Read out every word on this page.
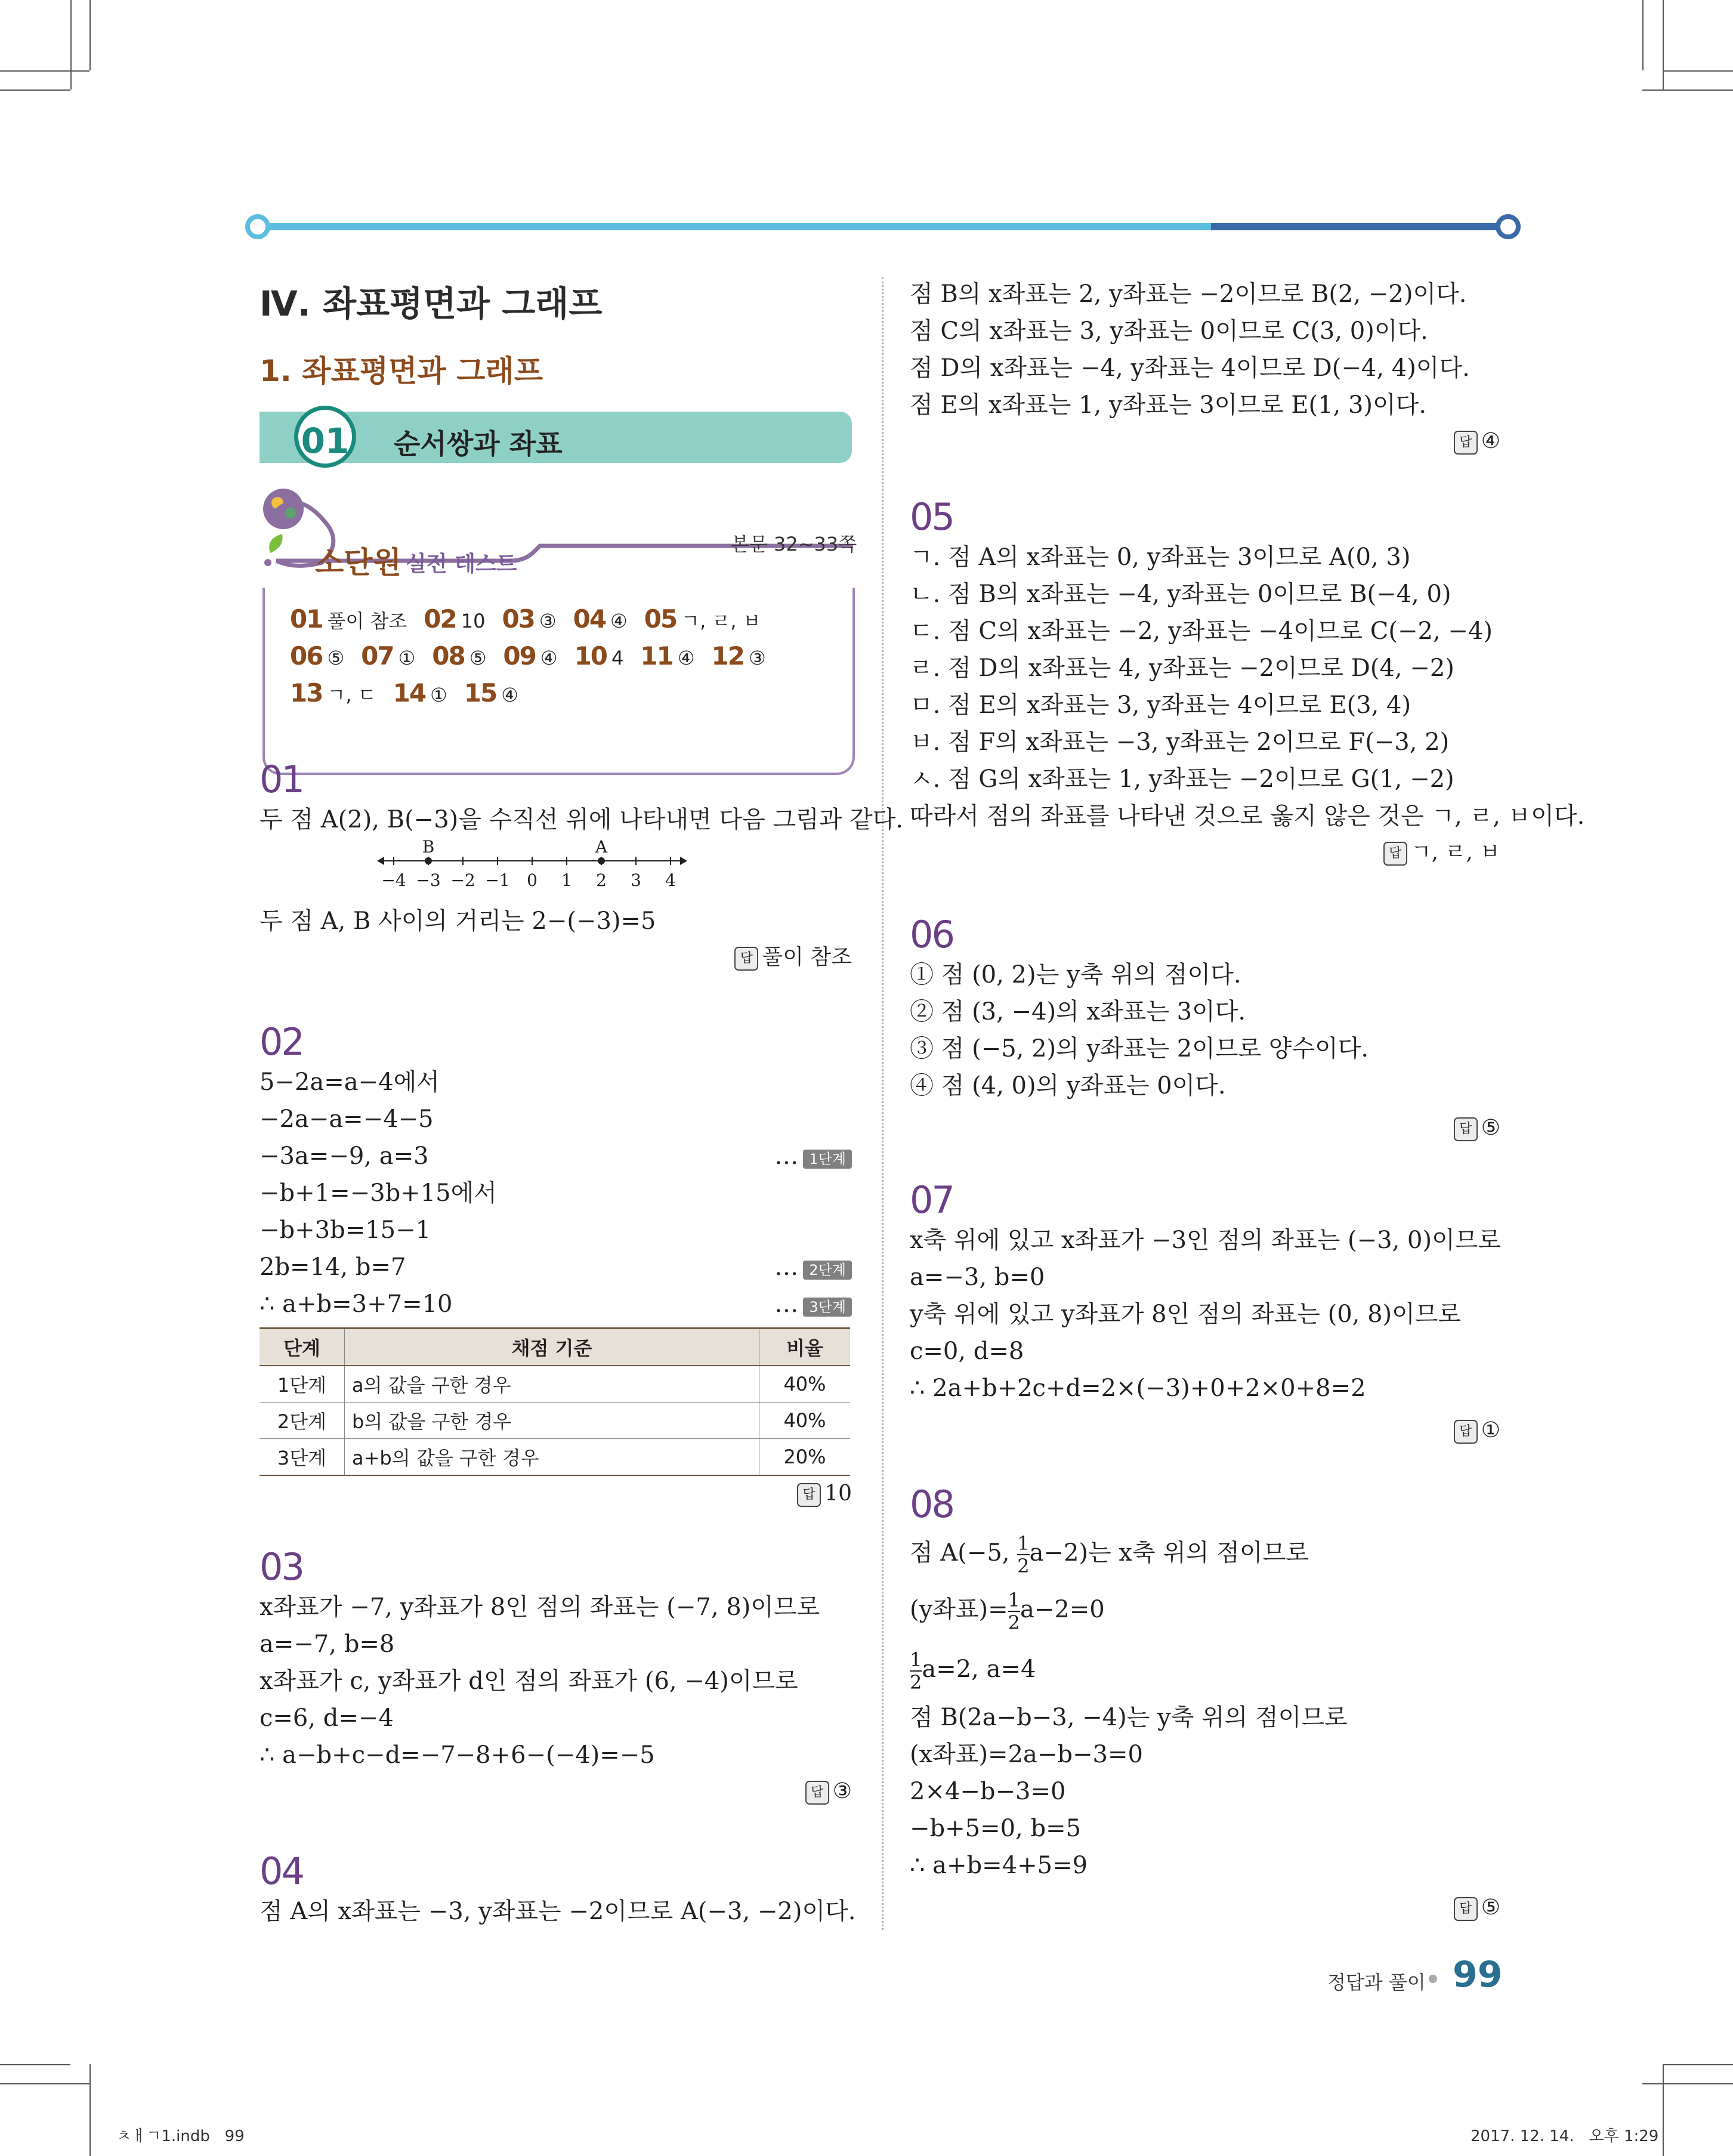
Ⅳ. 좌표평면과 그래프
1. 좌표평면과 그래프
01 순서쌍과 좌표
소단원 실전 테스트
본문 32~33쪽
01 풀이 참조 02 10 03 ③ 04 ④ 05 ㄱ, ㄹ, ㅂ
06 ⑤ 07 ① 08 ⑤ 09 ④ 10 4 11 ④ 12 ③
13 ㄱ, ㄷ 14 ① 15 ④
01
두 점 A(2), B(−3)을 수직선 위에 나타내면 다음 그림과 같다.
−4 −3 −2 −1 0 1 2 3 4
B	A
두 점 A, B 사이의 거리는 2−(−3)=5
답 풀이 참조
02
5−2a=a−4에서
−2a−a=−4−5
−3a=−9, a=3	… 1단계
−b+1=−3b+15에서
−b+3b=15−1
2b=14, b=7	… 2단계
∴ a+b=3+7=10	… 3단계
단계	채점 기준	비율
1단계	a의 값을 구한 경우	40%
2단계	b의 값을 구한 경우	40%
3단계	a+b의 값을 구한 경우	20%
답 10
03
x좌표가 −7, y좌표가 8인 점의 좌표는 (−7, 8)이므로
a=−7, b=8
x좌표가 c, y좌표가 d인 점의 좌표가 (6, −4)이므로
c=6, d=−4
∴ a−b+c−d=−7−8+6−(−4)=−5
답 ③
04
점 A의 x좌표는 −3, y좌표는 −2이므로 A(−3, −2)이다.
점 B의 x좌표는 2, y좌표는 −2이므로 B(2, −2)이다.
점 C의 x좌표는 3, y좌표는 0이므로 C(3, 0)이다.
점 D의 x좌표는 −4, y좌표는 4이므로 D(−4, 4)이다.
점 E의 x좌표는 1, y좌표는 3이므로 E(1, 3)이다.
답 ④
05
ㄱ. 점 A의 x좌표는 0, y좌표는 3이므로 A(0, 3)
ㄴ. 점 B의 x좌표는 −4, y좌표는 0이므로 B(−4, 0)
ㄷ. 점 C의 x좌표는 −2, y좌표는 −4이므로 C(−2, −4)
ㄹ. 점 D의 x좌표는 4, y좌표는 −2이므로 D(4, −2)
ㅁ. 점 E의 x좌표는 3, y좌표는 4이므로 E(3, 4)
ㅂ. 점 F의 x좌표는 −3, y좌표는 2이므로 F(−3, 2)
ㅅ. 점 G의 x좌표는 1, y좌표는 −2이므로 G(1, −2)
따라서 점의 좌표를 나타낸 것으로 옳지 않은 것은 ㄱ, ㄹ, ㅂ이다.
답 ㄱ, ㄹ, ㅂ
06
① 점 (0, 2)는 y축 위의 점이다.
② 점 (3, −4)의 x좌표는 3이다.
③ 점 (−5, 2)의 y좌표는 2이므로 양수이다.
④ 점 (4, 0)의 y좌표는 0이다.
답 ⑤
07
x축 위에 있고 x좌표가 −3인 점의 좌표는 (−3, 0)이므로
a=−3, b=0
y축 위에 있고 y좌표가 8인 점의 좌표는 (0, 8)이므로
c=0, d=8
∴ 2a+b+2c+d=2×(−3)+0+2×0+8=2
답 ①
08
점 A(−5, $\frac{1}{2} a-2$)는 x축 위의 점이므로
(y좌표)= $\frac{1}{2} a-2=0$
$\frac{1}{2} a=2$, a=4
점 B(2a−b−3, −4)는 y축 위의 점이므로
(x좌표)=2a−b−3=0
2×4−b−3=0
−b+5=0, b=5
∴ a+b=4+5=9
답 ⑤
정답과 풀이 99
ㅊㅐㄱ1.indb   99	2017. 12. 14.   오후 1:29
